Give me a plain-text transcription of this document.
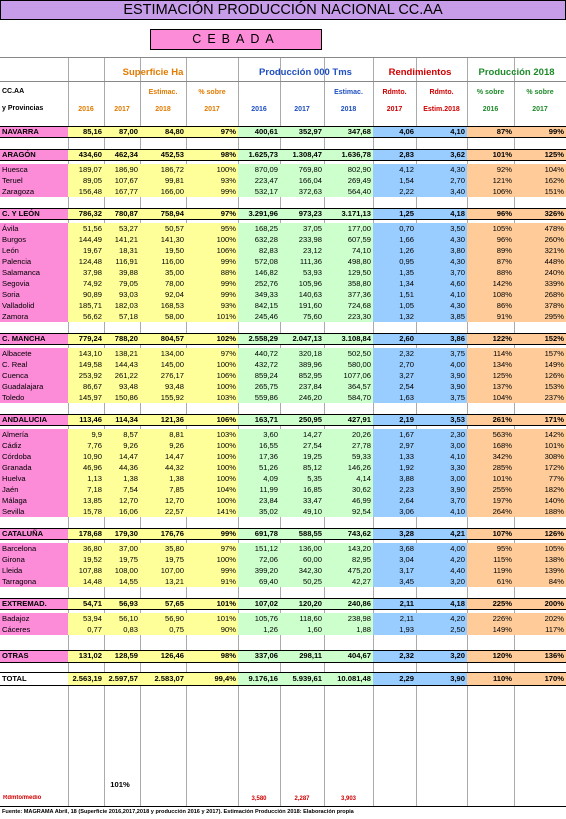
ESTIMACIÓN PRODUCCIÓN NACIONAL CC.AA
CEBADA
Estimac.	% sobre	Estimac.	Rdmto.	Rdmto.	% sobre	% sobre
2016	2017	2018	2017	2016	2017	2018	2017	Estim.2018	2016	2017
NAVARRA	85,16	87,00	84,80	97%	400,61	352,97	347,68	4,06	4,10	87%	99%
ARAGÓN	434,60	462,34	452,53	98%	1.625,73	1.308,47	1.636,78	2,83	3,62	101%	125%
Huesca	189,07	186,90	186,72	100%	870,09	769,80	802,90	4,12	4,30	92%	104%
Teruel	89,05	107,67	99,81	93%	223,47	166,04	269,49	1,54	2,70	121%	162%
Zaragoza	156,48	167,77	166,00	99%	532,17	372,63	564,40	2,22	3,40	106%	151%
C. Y LEÓN	786,32	780,87	758,94	97%	3.291,96	973,23	3.171,13	1,25	4,18	96%	326%
Ávila	51,56	53,27	50,57	95%	168,25	37,05	177,00	0,70	3,50	105%	478%
Burgos	144,49	141,21	141,30	100%	632,28	233,98	607,59	1,66	4,30	96%	260%
León	19,67	18,31	19,50	106%	82,83	23,12	74,10	1,26	3,80	89%	321%
Palencia	124,48	116,91	116,00	99%	572,08	111,36	498,80	0,95	4,30	87%	448%
Salamanca	37,98	39,88	35,00	88%	146,82	53,93	129,50	1,35	3,70	88%	240%
Segovia	74,92	79,05	78,00	99%	252,76	105,96	358,80	1,34	4,60	142%	339%
Soria	90,89	93,03	92,04	99%	349,33	140,63	377,36	1,51	4,10	108%	268%
Valladolid	185,71	182,03	168,53	93%	842,15	191,60	724,68	1,05	4,30	86%	378%
Zamora	56,62	57,18	58,00	101%	245,46	75,60	223,30	1,32	3,85	91%	295%
C. MANCHA	779,24	788,20	804,57	102%	2.558,29	2.047,13	3.108,84	2,60	3,86	122%	152%
Albacete	143,10	138,21	134,00	97%	440,72	320,18	502,50	2,32	3,75	114%	157%
C. Real	149,58	144,43	145,00	100%	432,72	389,96	580,00	2,70	4,00	134%	149%
Cuenca	253,92	261,22	276,17	106%	859,24	852,95	1077,06	3,27	3,90	125%	126%
Guadalajara	86,67	93,48	93,48	100%	265,75	237,84	364,57	2,54	3,90	137%	153%
Toledo	145,97	150,86	155,92	103%	559,86	246,20	584,70	1,63	3,75	104%	237%
ANDALUCIA	113,46	114,34	121,36	106%	163,71	250,95	427,91	2,19	3,53	261%	171%
Almería	9,9	8,57	8,81	103%	3,60	14,27	20,26	1,67	2,30	563%	142%
Cádiz	7,76	9,26	9,26	100%	16,55	27,54	27,78	2,97	3,00	168%	101%
Córdoba	10,90	14,47	14,47	100%	17,36	19,25	59,33	1,33	4,10	342%	308%
Granada	46,96	44,36	44,32	100%	51,26	85,12	146,26	1,92	3,30	285%	172%
Huelva	1,13	1,38	1,38	100%	4,09	5,35	4,14	3,88	3,00	101%	77%
Jaén	7,18	7,54	7,85	104%	11,99	16,85	30,62	2,23	3,90	255%	182%
Málaga	13,85	12,70	12,70	100%	23,84	33,47	46,99	2,64	3,70	197%	140%
Sevilla	15,78	16,06	22,57	141%	35,02	49,10	92,54	3,06	4,10	264%	188%
CATALUÑA	178,68	179,30	176,76	99%	691,78	588,55	743,62	3,28	4,21	107%	126%
Barcelona	36,80	37,00	35,80	97%	151,12	136,00	143,20	3,68	4,00	95%	105%
Girona	19,52	19,75	19,75	100%	72,06	60,00	82,95	3,04	4,20	115%	138%
Lleida	107,88	108,00	107,00	99%	399,20	342,30	475,20	3,17	4,40	119%	139%
Tarragona	14,48	14,55	13,21	91%	69,40	50,25	42,27	3,45	3,20	61%	84%
EXTREMAD.	54,71	56,93	57,65	101%	107,02	120,20	240,86	2,11	4,18	225%	200%
Badajoz	53,94	56,10	56,90	101%	105,76	118,60	238,98	2,11	4,20	226%	202%
Cáceres	0,77	0,83	0,75	90%	1,26	1,60	1,88	1,93	2,50	149%	117%
OTRAS	131,02	128,59	126,46	98%	337,06	298,11	404,67	2,32	3,20	120%	136%
TOTAL	2.563,19 2.597,57	2.583,07	99,4%	9.176,16	5.939,61	10.081,48	2,29	3,90	110%	170%
3,580	2,287	3,903
Superficie Ha	Producción 000 Tms	Rendimientos	Producción 2018
CC.AA
y Provincias
101%
Rdmto/medio
Fuente: MAGRAMA Abril, 18 (Superficie 2016,2017,2018 y producción 2016 y 2017). Estimación Producción 2018: Elaboración propia
